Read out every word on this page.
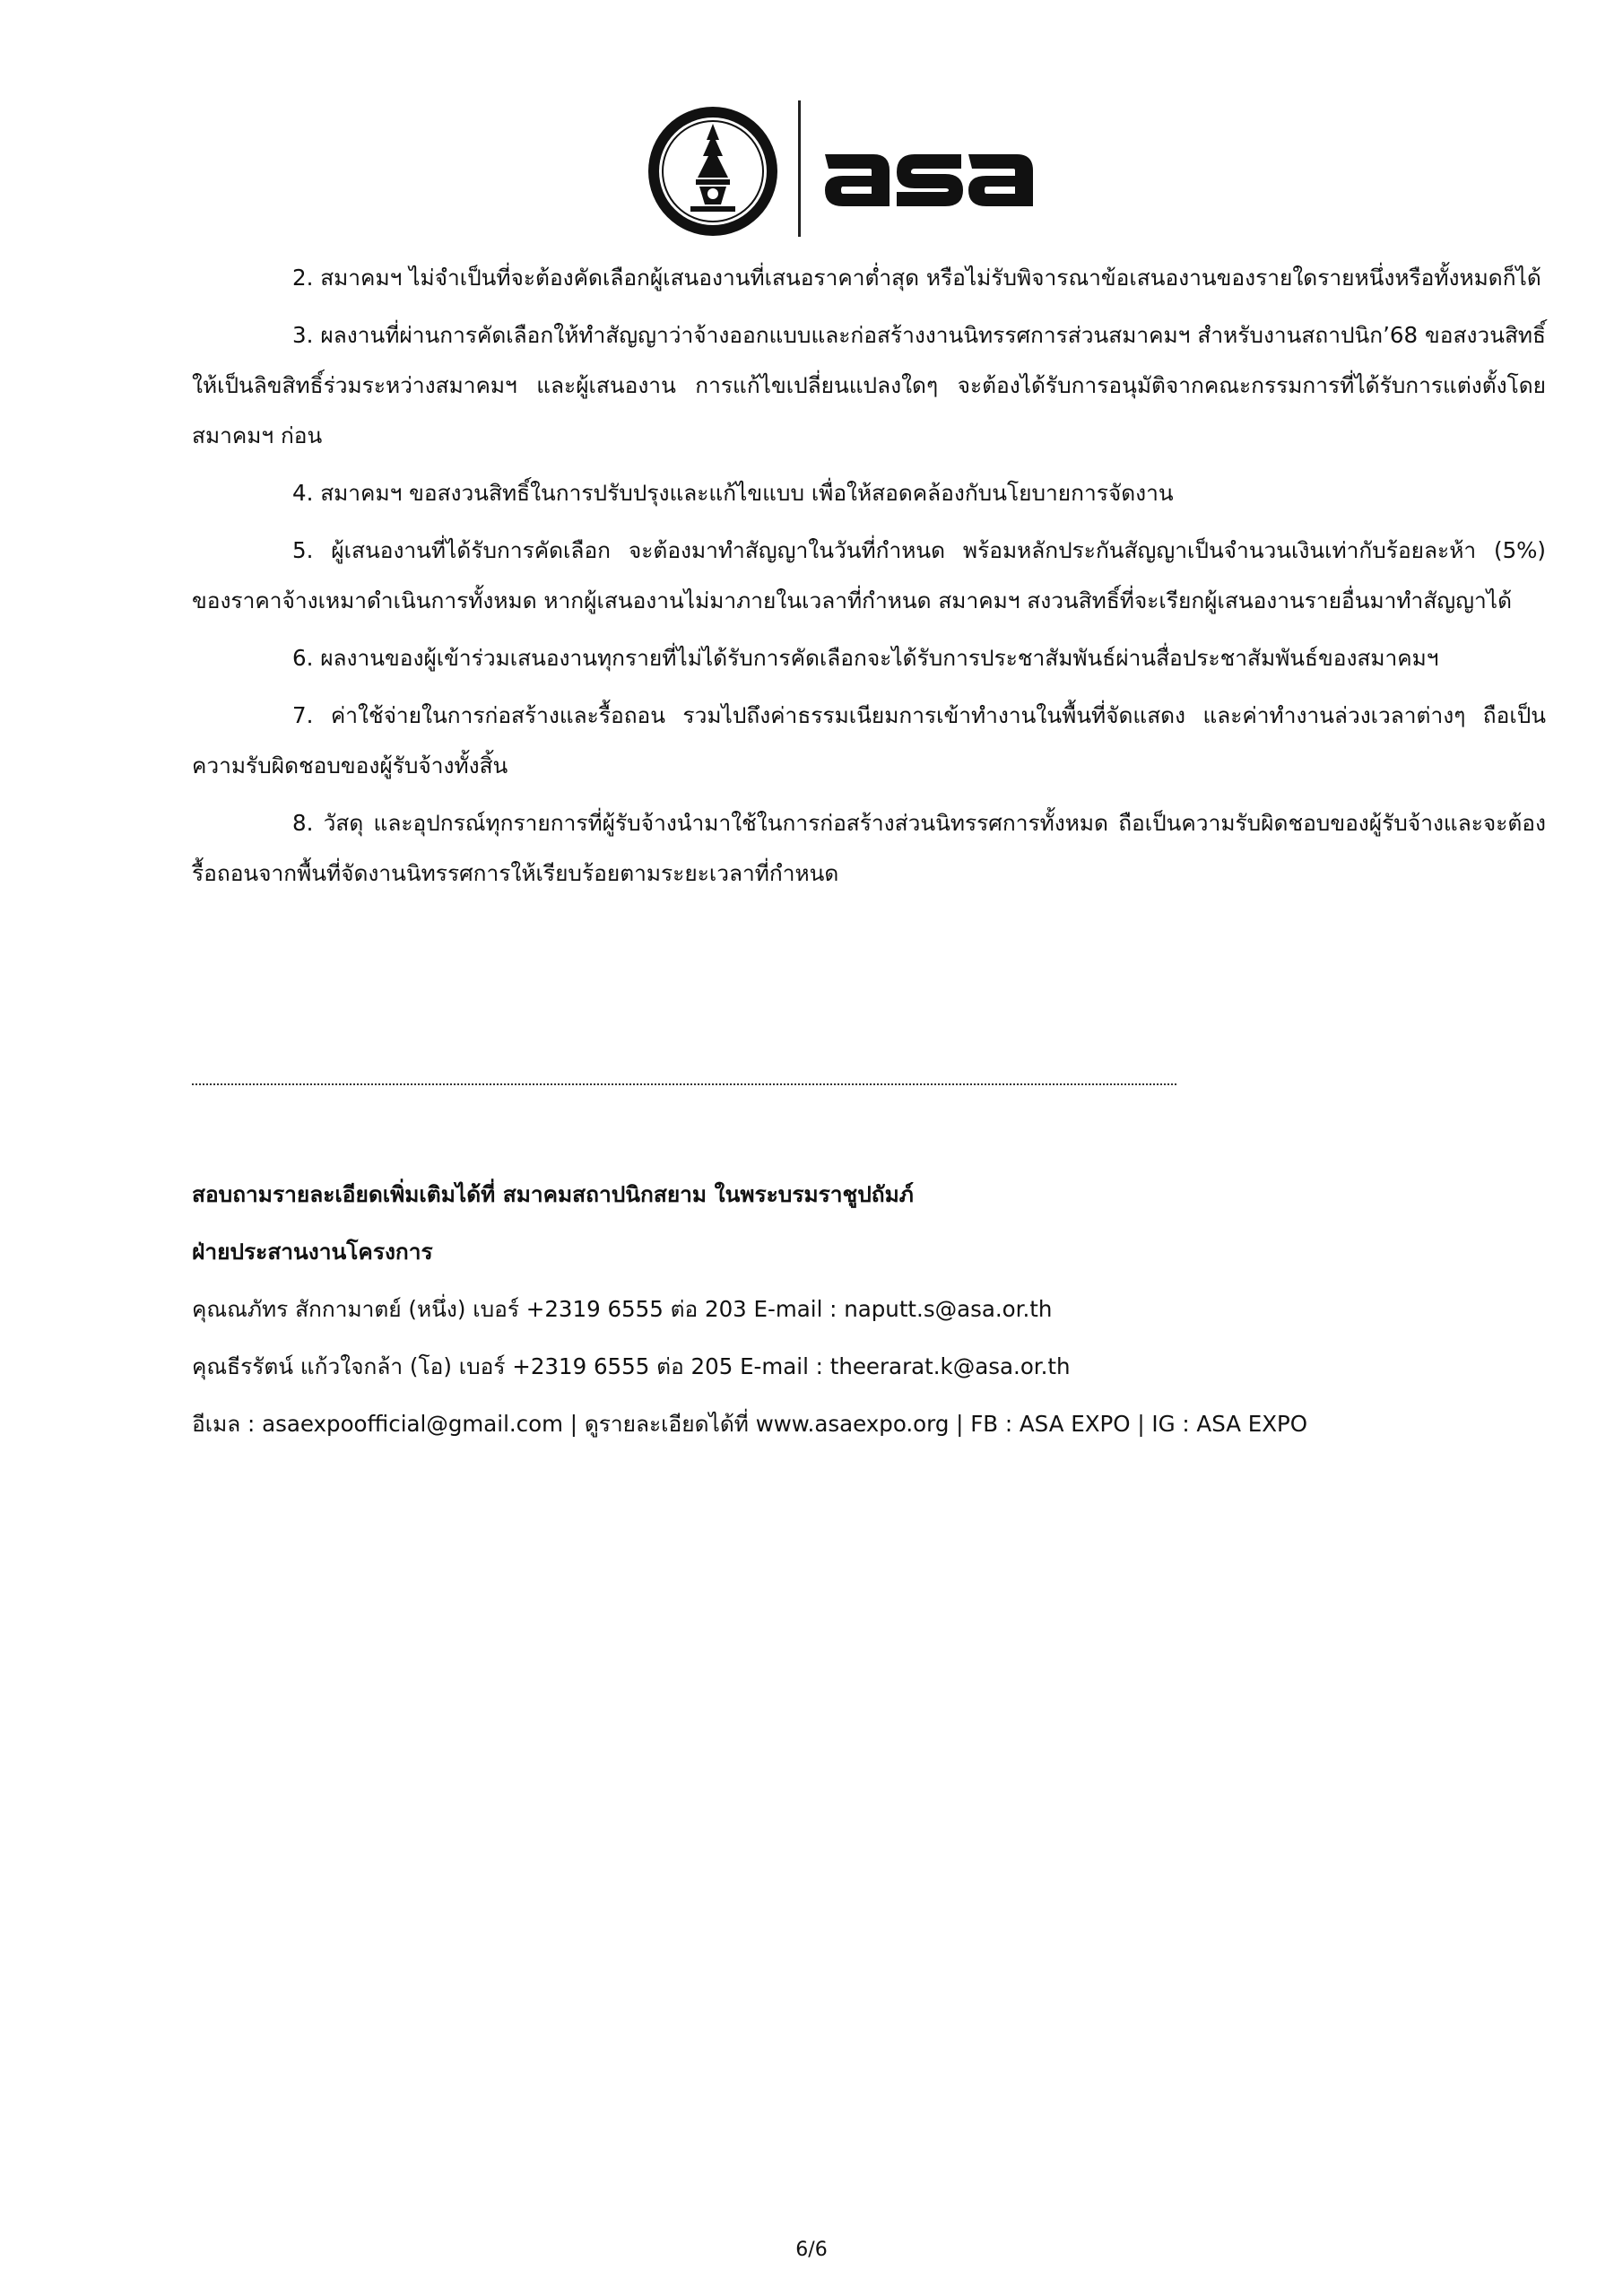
2. สมาคมฯ ไม่จำเป็นที่จะต้องคัดเลือกผู้เสนองานที่เสนอราคาต่ำสุด หรือไม่รับพิจารณาข้อเสนองานของรายใดรายหนึ่งหรือทั้งหมดก็ได้

3. ผลงานที่ผ่านการคัดเลือกให้ทำสัญญาว่าจ้างออกแบบและก่อสร้างงานนิทรรศการส่วนสมาคมฯ สำหรับงานสถาปนิก’68 ขอสงวนสิทธิ์ให้เป็นลิขสิทธิ์ร่วมระหว่างสมาคมฯ และผู้เสนองาน การแก้ไขเปลี่ยนแปลงใดๆ จะต้องได้รับการอนุมัติจากคณะกรรมการที่ได้รับการแต่งตั้งโดยสมาคมฯ ก่อน

4. สมาคมฯ ขอสงวนสิทธิ์ในการปรับปรุงและแก้ไขแบบ เพื่อให้สอดคล้องกับนโยบายการจัดงาน

5. ผู้เสนองานที่ได้รับการคัดเลือก จะต้องมาทำสัญญาในวันที่กำหนด พร้อมหลักประกันสัญญาเป็นจำนวนเงินเท่ากับร้อยละห้า (5%) ของราคาจ้างเหมาดำเนินการทั้งหมด หากผู้เสนองานไม่มาภายในเวลาที่กำหนด สมาคมฯ สงวนสิทธิ์ที่จะเรียกผู้เสนองานรายอื่นมาทำสัญญาได้

6. ผลงานของผู้เข้าร่วมเสนองานทุกรายที่ไม่ได้รับการคัดเลือกจะได้รับการประชาสัมพันธ์ผ่านสื่อประชาสัมพันธ์ของสมาคมฯ

7. ค่าใช้จ่ายในการก่อสร้างและรื้อถอน รวมไปถึงค่าธรรมเนียมการเข้าทำงานในพื้นที่จัดแสดง และค่าทำงานล่วงเวลาต่างๆ ถือเป็นความรับผิดชอบของผู้รับจ้างทั้งสิ้น

8. วัสดุ และอุปกรณ์ทุกรายการที่ผู้รับจ้างนำมาใช้ในการก่อสร้างส่วนนิทรรศการทั้งหมด ถือเป็นความรับผิดชอบของผู้รับจ้างและจะต้องรื้อถอนจากพื้นที่จัดงานนิทรรศการให้เรียบร้อยตามระยะเวลาที่กำหนด

สอบถามรายละเอียดเพิ่มเติมได้ที่ สมาคมสถาปนิกสยาม ในพระบรมราชูปถัมภ์
ฝ่ายประสานงานโครงการ
คุณณภัทร สักกามาตย์ (หนึ่ง) เบอร์ +2319 6555 ต่อ 203 E-mail : naputt.s@asa.or.th
คุณธีรรัตน์ แก้วใจกล้า (โอ) เบอร์ +2319 6555 ต่อ 205 E-mail : theerarat.k@asa.or.th
อีเมล : asaexpoofficial@gmail.com | ดูรายละเอียดได้ที่ www.asaexpo.org | FB : ASA EXPO | IG : ASA EXPO
6/6
